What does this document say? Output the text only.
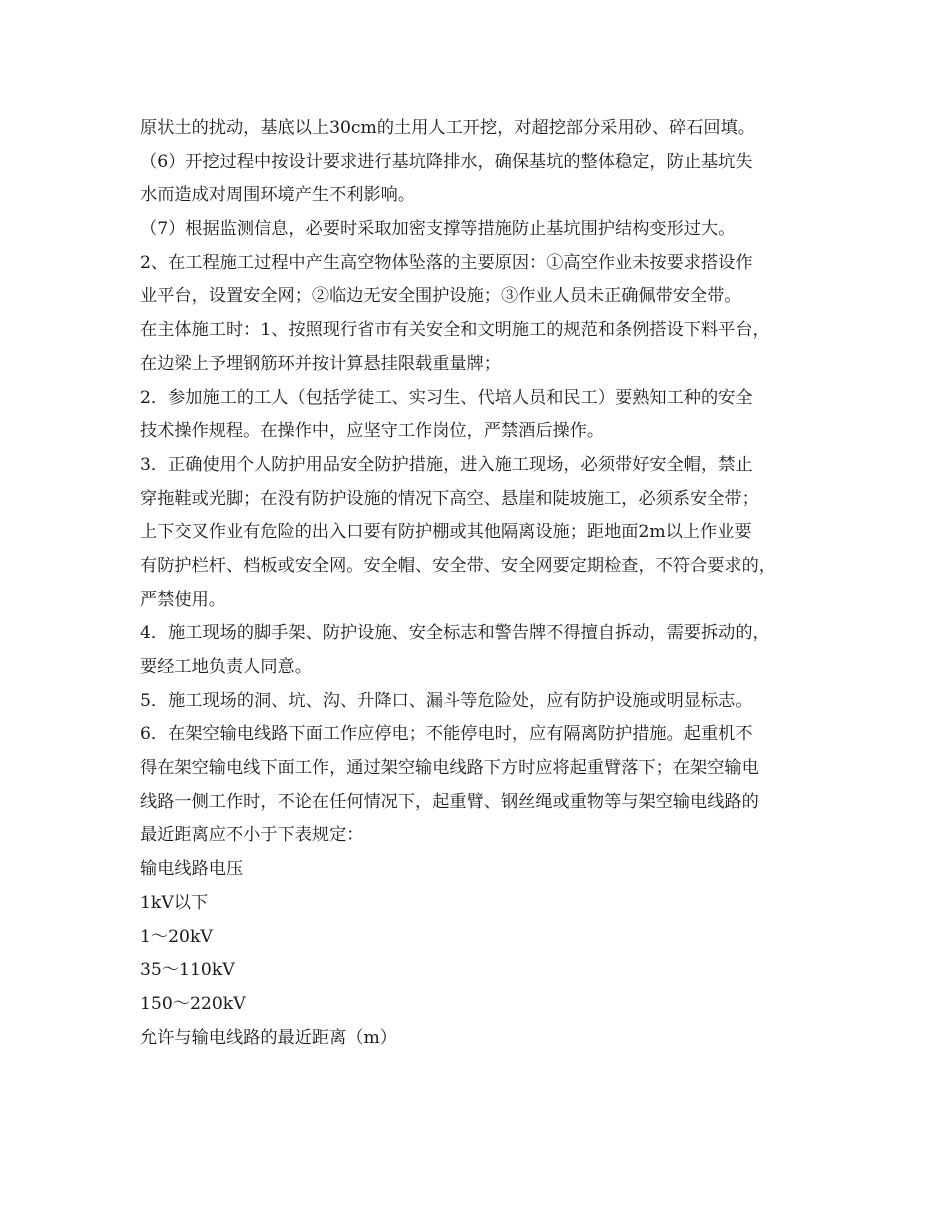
原状土的扰动，基底以上30cm的土用人工开挖，对超挖部分采用砂、碎石回填。
（6）开挖过程中按设计要求进行基坑降排水，确保基坑的整体稳定，防止基坑失
水而造成对周围环境产生不利影响。
（7）根据监测信息，必要时采取加密支撑等措施防止基坑围护结构变形过大。
2、在工程施工过程中产生高空物体坠落的主要原因：①高空作业未按要求搭设作
业平台，设置安全网；②临边无安全围护设施；③作业人员未正确佩带安全带。
在主体施工时：1、按照现行省市有关安全和文明施工的规范和条例搭设下料平台，
在边梁上予埋钢筋环并按计算悬挂限载重量牌；
2．参加施工的工人（包括学徒工、实习生、代培人员和民工）要熟知工种的安全
技术操作规程。在操作中，应坚守工作岗位，严禁酒后操作。
3．正确使用个人防护用品安全防护措施，进入施工现场，必须带好安全帽，禁止
穿拖鞋或光脚；在没有防护设施的情况下高空、悬崖和陡坡施工，必须系安全带；
上下交叉作业有危险的出入口要有防护棚或其他隔离设施；距地面2m以上作业要
有防护栏杆、档板或安全网。安全帽、安全带、安全网要定期检查，不符合要求的，
严禁使用。
4．施工现场的脚手架、防护设施、安全标志和警告牌不得擅自拆动，需要拆动的，
要经工地负责人同意。
5．施工现场的洞、坑、沟、升降口、漏斗等危险处，应有防护设施或明显标志。
6．在架空输电线路下面工作应停电；不能停电时，应有隔离防护措施。起重机不
得在架空输电线下面工作，通过架空输电线路下方时应将起重臂落下；在架空输电
线路一侧工作时，不论在任何情况下，起重臂、钢丝绳或重物等与架空输电线路的
最近距离应不小于下表规定：
输电线路电压
1kV以下
1～20kV
35～110kV
150～220kV
允许与输电线路的最近距离（m）
